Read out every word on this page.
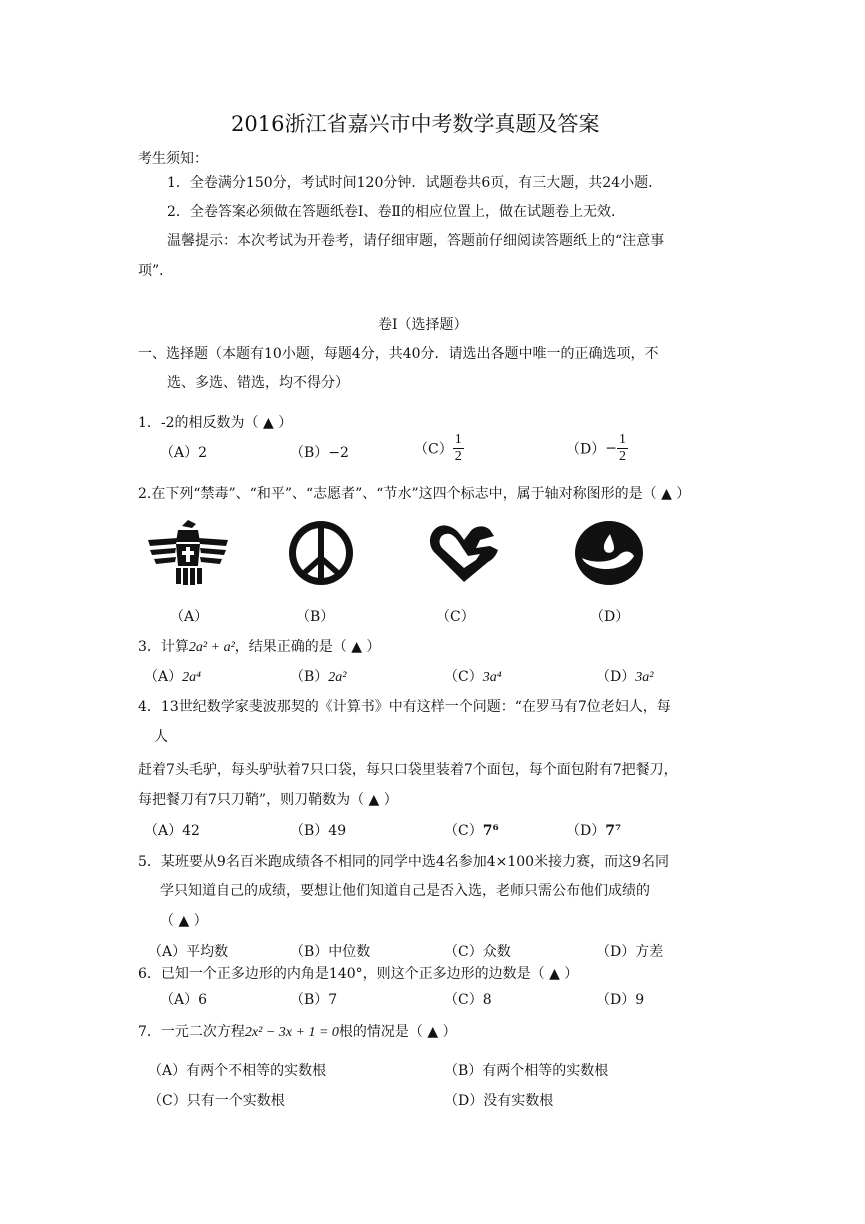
2016浙江省嘉兴市中考数学真题及答案
考生须知：
1．全卷满分150分，考试时间120分钟．试题卷共6页，有三大题，共24小题．
2．全卷答案必须做在答题纸卷Ⅰ、卷Ⅱ的相应位置上，做在试题卷上无效．
温馨提示：本次考试为开卷考，请仔细审题，答题前仔细阅读答题纸上的“注意事
项”．
卷Ⅰ（选择题）
一、选择题（本题有10小题，每题4分，共40分．请选出各题中唯一的正确选项，不
选、多选、错选，均不得分）
1．-2的相反数为（ ▲ ）
（A）2	（B）−2	$(C) \frac{1}{2}$	$(D)- \frac{1}{2}$
2.在下列“禁毒”、“和平”、“志愿者”、“节水”这四个标志中，属于轴对称图形的是（ ▲ ）
（A）	（B）	（C）	（D）
3．计算2a² + a²，结果正确的是（ ▲ ）
（A）2a⁴	（B）2a²	（C）3a⁴	（D）3a²
4．13世纪数学家斐波那契的《计算书》中有这样一个问题：“在罗马有7位老妇人，每
人
赶着7头毛驴，每头驴驮着7只口袋，每只口袋里装着7个面包，每个面包附有7把餐刀，
每把餐刀有7只刀鞘”，则刀鞘数为（ ▲ ）
（A）42	（B）49	（C）7⁶	（D）7⁷
5．某班要从9名百米跑成绩各不相同的同学中选4名参加4×100米接力赛，而这9名同
学只知道自己的成绩，要想让他们知道自己是否入选，老师只需公布他们成绩的
（ ▲ ）
（A）平均数	（B）中位数	（C）众数	（D）方差
6．已知一个正多边形的内角是140°，则这个正多边形的边数是（ ▲ ）
（A）6	（B）7	（C）8	（D）9
7．一元二次方程2x² − 3x + 1 = 0根的情况是（ ▲ ）
（A）有两个不相等的实数根	（B）有两个相等的实数根
（C）只有一个实数根	（D）没有实数根
